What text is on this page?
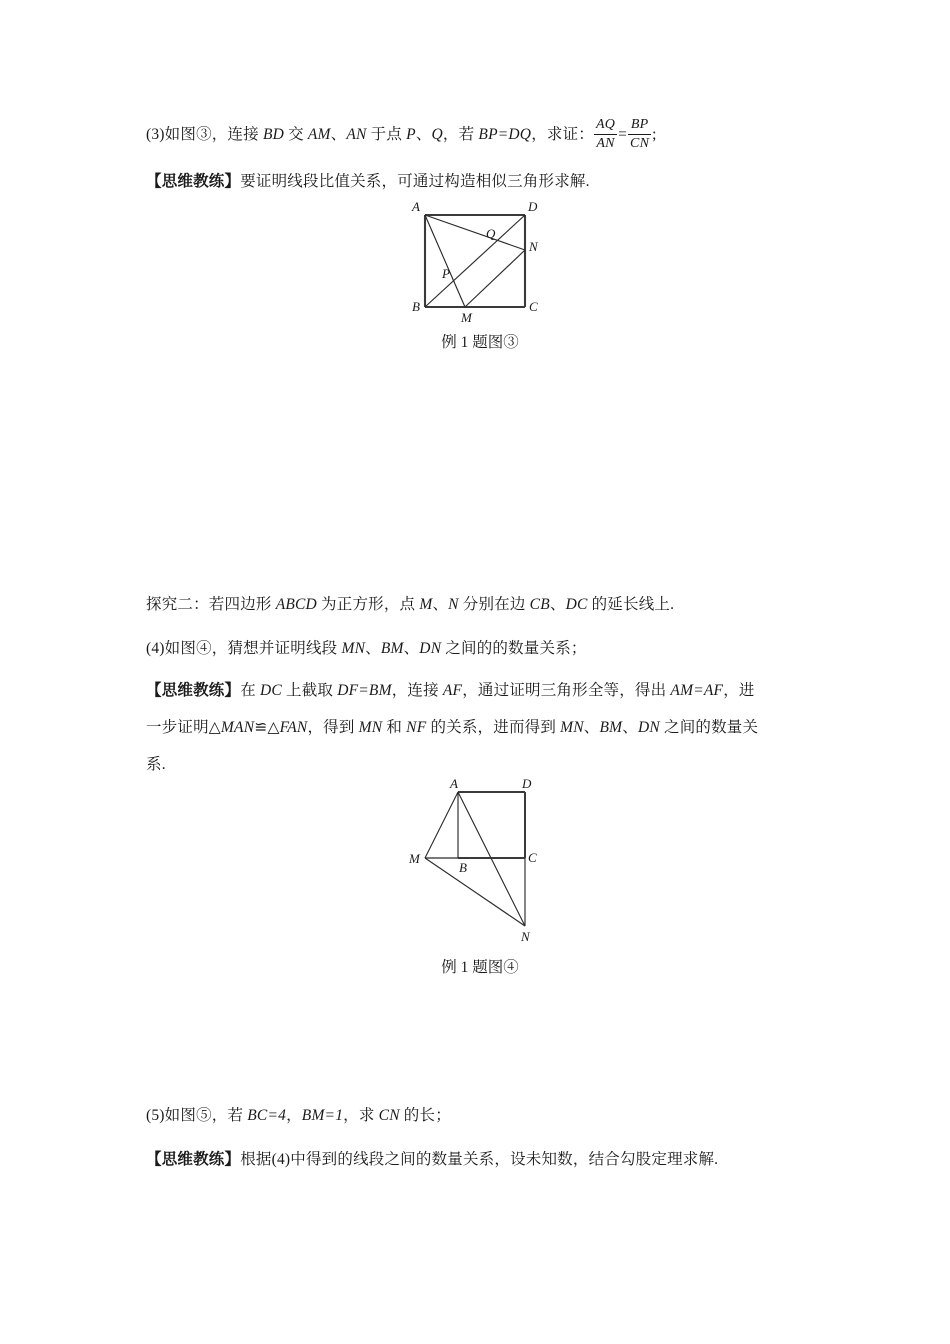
(3)如图③，连接 BD 交 AM、AN 于点 P、Q，若 BP=DQ，求证： $\frac{AQ}{AN} = \frac{BP}{CN}$ ;
【思维教练】要证明线段比值关系，可通过构造相似三角形求解.
A	D
B	C
M
N
P
Q
例 1 题图③
探究二：若四边形 ABCD 为正方形，点 M、N 分别在边 CB、DC 的延长线上.
(4)如图④，猜想并证明线段 MN、BM、DN 之间的的数量关系；
【思维教练】在 DC 上截取 DF=BM，连接 AF，通过证明三角形全等，得出 AM=AF，进
一步证明△MAN≌△FAN，得到 MN 和 NF 的关系，进而得到 MN、BM、DN 之间的数量关
系.
A	D
B
C
M
N
例 1 题图④
(5)如图⑤，若 BC=4，BM=1，求 CN 的长；
【思维教练】根据(4)中得到的线段之间的数量关系，设未知数，结合勾股定理求解.
